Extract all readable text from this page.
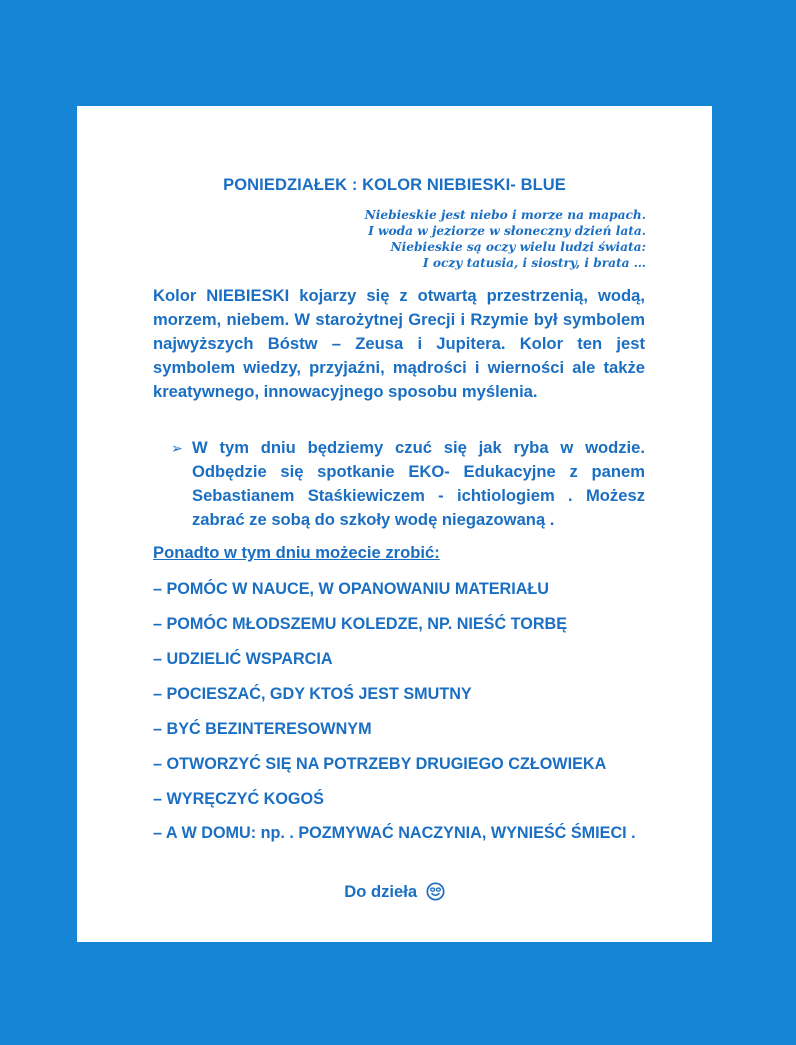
PONIEDZIAŁEK : KOLOR NIEBIESKI- BLUE
Niebieskie jest niebo i morze na mapach.
I woda w jeziorze w słoneczny dzień lata.
Niebieskie są oczy wielu ludzi świata:
I oczy tatusia, i siostry, i brata …
Kolor NIEBIESKI kojarzy się z otwartą przestrzenią, wodą, morzem, niebem. W starożytnej Grecji i Rzymie był symbolem najwyższych Bóstw – Zeusa i Jupitera. Kolor ten jest symbolem wiedzy, przyjaźni, mądrości i wierności ale także kreatywnego, innowacyjnego sposobu myślenia.
➢ W tym dniu będziemy czuć się jak ryba w wodzie. Odbędzie się spotkanie EKO- Edukacyjne z panem Sebastianem Staśkiewiczem - ichtiologiem . Możesz zabrać ze sobą do szkoły wodę niegazowaną .
Ponadto w tym dniu możecie zrobić:
– POMÓC W NAUCE, W OPANOWANIU MATERIAŁU
– POMÓC MŁODSZEMU KOLEDZE, NP. NIEŚĆ TORBĘ
– UDZIELIĆ WSPARCIA
– POCIESZAĆ, GDY KTOŚ JEST SMUTNY
– BYĆ BEZINTERESOWNYM
– OTWORZYĆ SIĘ NA POTRZEBY DRUGIEGO CZŁOWIEKA
– WYRĘCZYĆ KOGOŚ
– A W DOMU: np. . POZMYWAĆ NACZYNIA, WYNIEŚĆ ŚMIECI .
Do dzieła
